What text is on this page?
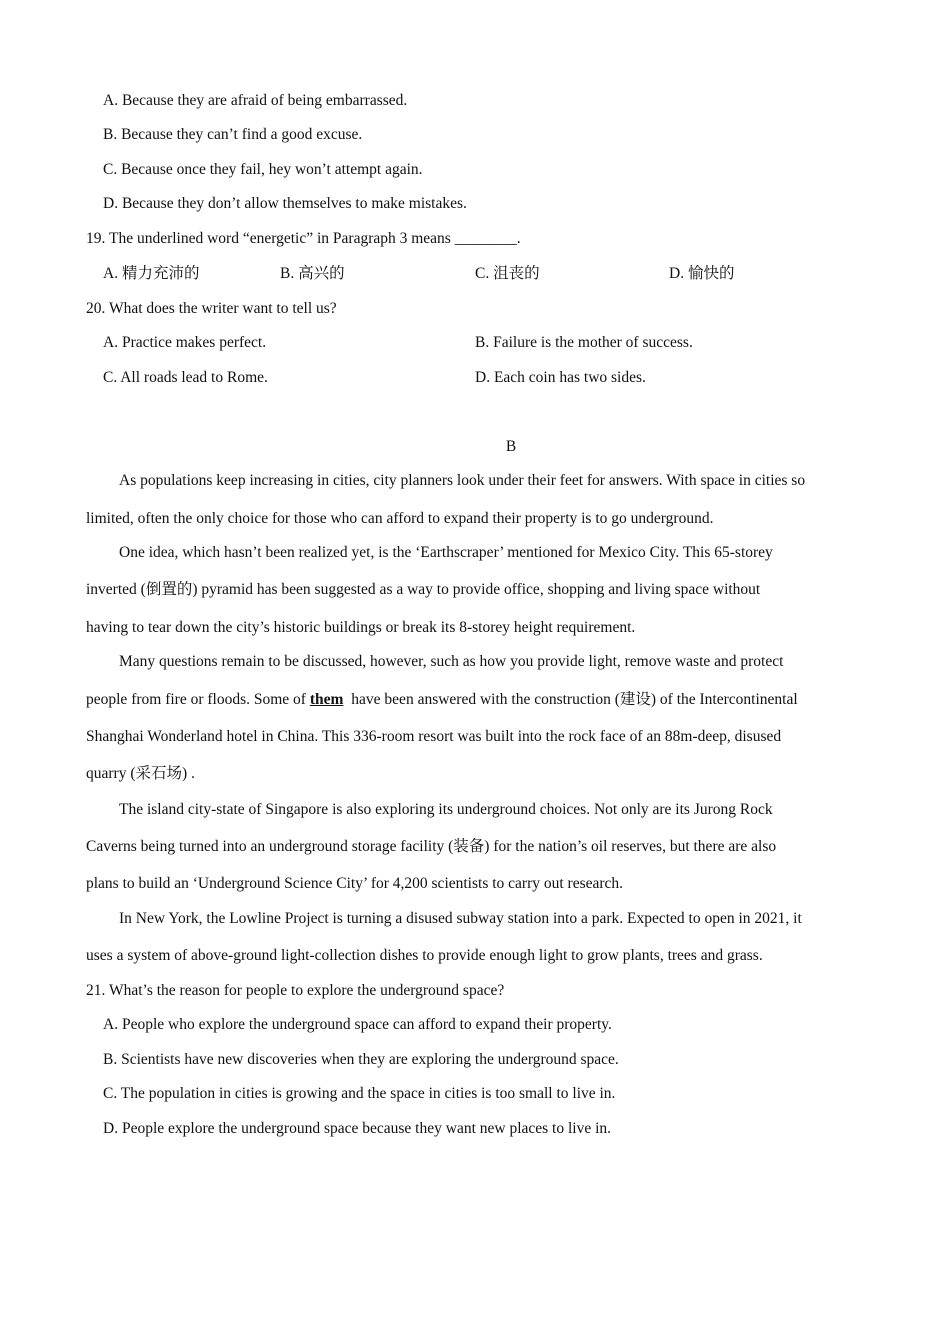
A. Because they are afraid of being embarrassed.
B. Because they can’t find a good excuse.
C. Because once they fail, hey won’t attempt again.
D. Because they don’t allow themselves to make mistakes.
19. The underlined word “energetic” in Paragraph 3 means ________.
A. 精力充沛的	B. 高兴的	C. 沮丧的	D. 愉快的
20. What does the writer want to tell us?
A. Practice makes perfect.	B. Failure is the mother of success.
C. All roads lead to Rome.	D. Each coin has two sides.
B
As populations keep increasing in cities, city planners look under their feet for answers. With space in cities so
limited, often the only choice for those who can afford to expand their property is to go underground.
One idea, which hasn’t been realized yet, is the ‘Earthscraper’ mentioned for Mexico City. This 65-storey
inverted (倒置的) pyramid has been suggested as a way to provide office, shopping and living space without
having to tear down the city’s historic buildings or break its 8-storey height requirement.
Many questions remain to be discussed, however, such as how you provide light, remove waste and protect
people from fire or floods. Some of them have been answered with the construction (建设) of the Intercontinental
Shanghai Wonderland hotel in China. This 336-room resort was built into the rock face of an 88m-deep, disused
quarry (采石场) .
The island city-state of Singapore is also exploring its underground choices. Not only are its Jurong Rock
Caverns being turned into an underground storage facility (装备) for the nation’s oil reserves, but there are also
plans to build an ‘Underground Science City’ for 4,200 scientists to carry out research.
In New York, the Lowline Project is turning a disused subway station into a park. Expected to open in 2021, it
uses a system of above-ground light-collection dishes to provide enough light to grow plants, trees and grass.
21. What’s the reason for people to explore the underground space?
A. People who explore the underground space can afford to expand their property.
B. Scientists have new discoveries when they are exploring the underground space.
C. The population in cities is growing and the space in cities is too small to live in.
D. People explore the underground space because they want new places to live in.
